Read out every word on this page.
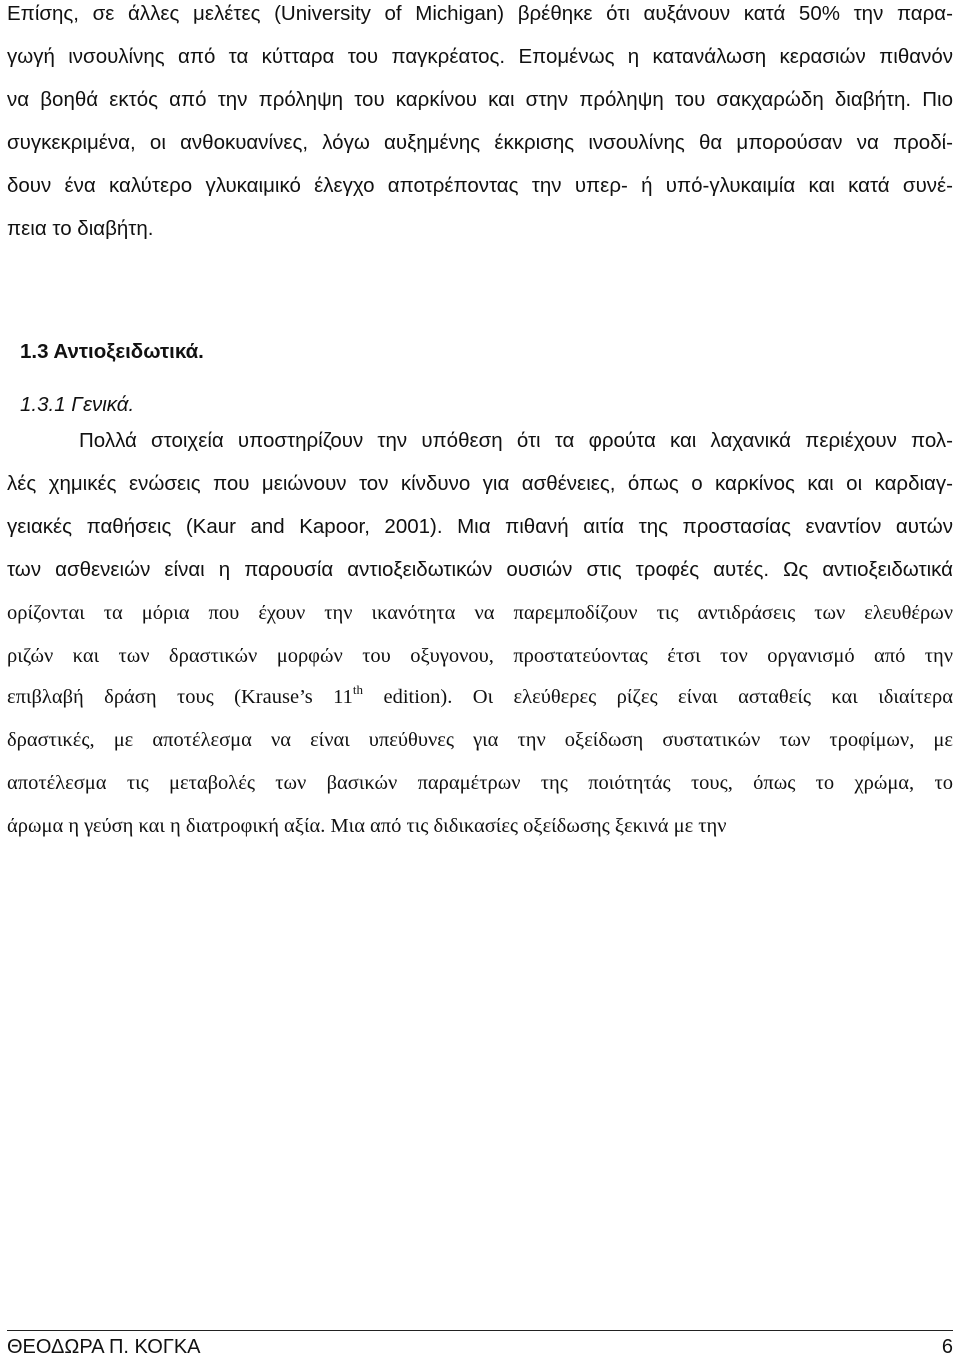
Επίσης, σε άλλες μελέτες (University of Michigan) βρέθηκε ότι αυξάνουν κατά 50% την παρα-
γωγή ινσουλίνης από τα κύτταρα του παγκρέατος. Επομένως η κατανάλωση κερασιών πιθανόν
να βοηθά εκτός από την πρόληψη του καρκίνου και στην πρόληψη του σακχαρώδη διαβήτη. Πιο
συγκεκριμένα, οι ανθοκυανίνες, λόγω αυξημένης έκκρισης ινσουλίνης θα μπορούσαν να προδί-
δουν ένα καλύτερο γλυκαιμικό έλεγχο αποτρέποντας την υπερ- ή υπό-γλυκαιμία και κατά συνέ-
πεια το διαβήτη.
1.3 Αντιοξειδωτικά.
1.3.1 Γενικά.
Πολλά στοιχεία υποστηρίζουν την υπόθεση ότι τα φρούτα και λαχανικά περιέχουν πολ-
λές χημικές ενώσεις που μειώνουν τον κίνδυνο για ασθένειες, όπως ο καρκίνος και οι καρδιαγ-
γειακές παθήσεις (Kaur and Kapoor, 2001). Μια πιθανή αιτία της προστασίας εναντίον αυτών
των ασθενειών είναι η παρουσία αντιοξειδωτικών ουσιών στις τροφές αυτές. Ως αντιοξειδωτικά
ορίζονται τα μόρια που έχουν την ικανότητα να παρεμποδίζουν τις αντιδράσεις των ελευθέρων
ριζών και των δραστικών μορφών του οξυγονου, προστατεύοντας έτσι τον οργανισμό από την
επιβλαβή δράση τους (Krause’s 11th edition). Οι ελεύθερες ρίζες είναι ασταθείς και ιδιαίτερα
δραστικές, με αποτέλεσμα να είναι υπεύθυνες για την οξείδωση συστατικών των τροφίμων, με
αποτέλεσμα τις μεταβολές των βασικών παραμέτρων της ποιότητάς τους, όπως το χρώμα, το
άρωμα η γεύση και η διατροφική αξία. Μια από τις διδικασίες οξείδωσης ξεκινά με την
ΘΕΟΔΩΡΑ Π. ΚΟΓΚΑ	6
